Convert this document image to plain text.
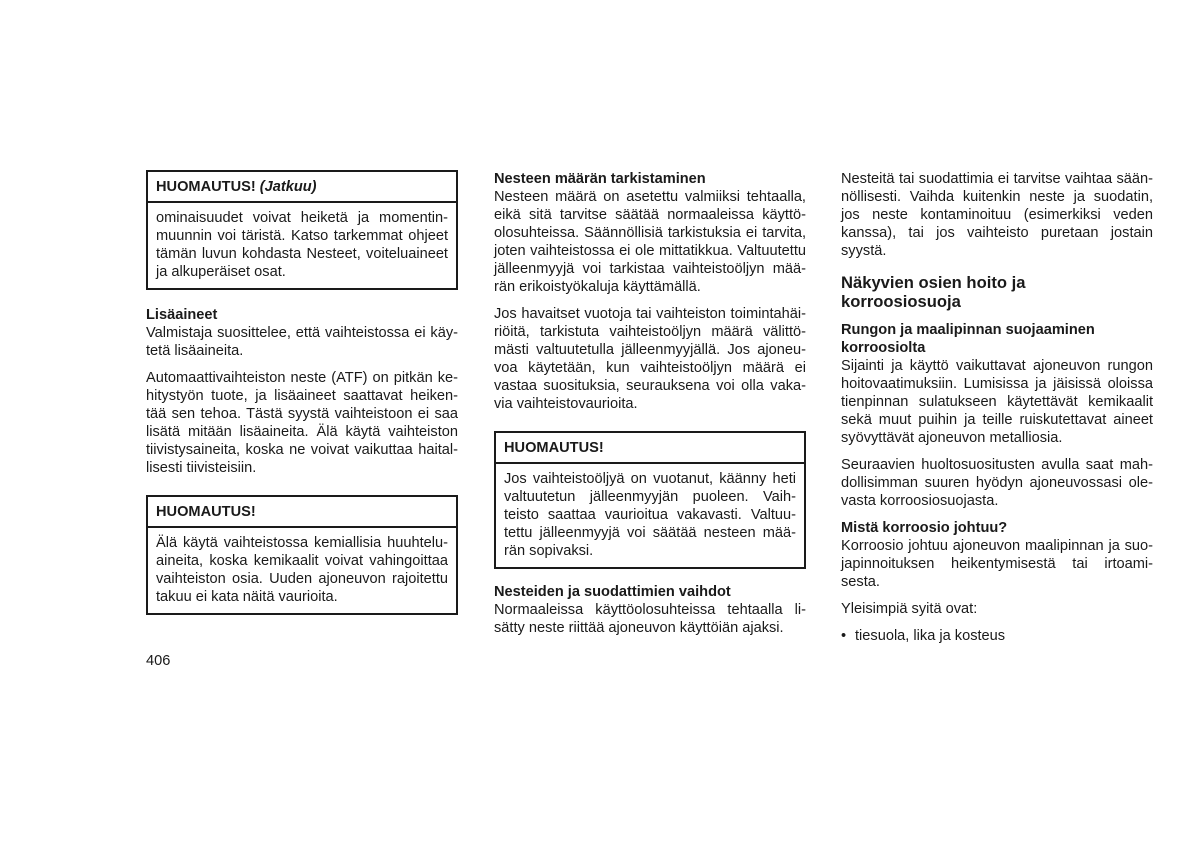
HUOMAUTUS! (Jatkuu)
ominaisuudet voivat heiketä ja momentin-
muunnin voi täristä. Katso tarkemmat ohjeet
tämän luvun kohdasta Nesteet, voiteluaineet
ja alkuperäiset osat.
Lisäaineet
Valmistaja suosittelee, että vaihteistossa ei käy-
tetä lisäaineita.
Automaattivaihteiston neste (ATF) on pitkän ke-
hitystyön tuote, ja lisäaineet saattavat heiken-
tää sen tehoa. Tästä syystä vaihteistoon ei saa
lisätä mitään lisäaineita. Älä käytä vaihteiston
tiivistysaineita, koska ne voivat vaikuttaa haital-
lisesti tiivisteisiin.
HUOMAUTUS!
Älä käytä vaihteistossa kemiallisia huuhtelu-
aineita, koska kemikaalit voivat vahingoittaa
vaihteiston osia. Uuden ajoneuvon rajoitettu
takuu ei kata näitä vaurioita.
Nesteen määrän tarkistaminen
Nesteen määrä on asetettu valmiiksi tehtaalla,
eikä sitä tarvitse säätää normaaleissa käyttö-
olosuhteissa. Säännöllisiä tarkistuksia ei tarvita,
joten vaihteistossa ei ole mittatikkua. Valtuutettu
jälleenmyyjä voi tarkistaa vaihteistoöljyn mää-
rän erikoistyökaluja käyttämällä.
Jos havaitset vuotoja tai vaihteiston toimintahäi-
riöitä, tarkistuta vaihteistoöljyn määrä välittö-
mästi valtuutetulla jälleenmyyjällä. Jos ajoneu-
voa käytetään, kun vaihteistoöljyn määrä ei
vastaa suosituksia, seurauksena voi olla vaka-
via vaihteistovaurioita.
HUOMAUTUS!
Jos vaihteistoöljyä on vuotanut, käänny heti
valtuutetun jälleenmyyjän puoleen. Vaih-
teisto saattaa vaurioitua vakavasti. Valtuu-
tettu jälleenmyyjä voi säätää nesteen mää-
rän sopivaksi.
Nesteiden ja suodattimien vaihdot
Normaaleissa käyttöolosuhteissa tehtaalla li-
sätty neste riittää ajoneuvon käyttöiän ajaksi.
Nesteitä tai suodattimia ei tarvitse vaihtaa sään-
nöllisesti. Vaihda kuitenkin neste ja suodatin,
jos neste kontaminoituu (esimerkiksi veden
kanssa), tai jos vaihteisto puretaan jostain
syystä.
Näkyvien osien hoito ja
korroosiosuoja
Rungon ja maalipinnan suojaaminen
korroosiolta
Sijainti ja käyttö vaikuttavat ajoneuvon rungon
hoitovaatimuksiin. Lumisissa ja jäisissä oloissa
tienpinnan sulatukseen käytettävät kemikaalit
sekä muut puihin ja teille ruiskutettavat aineet
syövyttävät ajoneuvon metalliosia.
Seuraavien huoltosuositusten avulla saat mah-
dollisimman suuren hyödyn ajoneuvossasi ole-
vasta korroosiosuojasta.
Mistä korroosio johtuu?
Korroosio johtuu ajoneuvon maalipinnan ja suo-
japinnoituksen heikentymisestä tai irtoami-
sesta.
Yleisimpiä syitä ovat:
• tiesuola, lika ja kosteus
406
